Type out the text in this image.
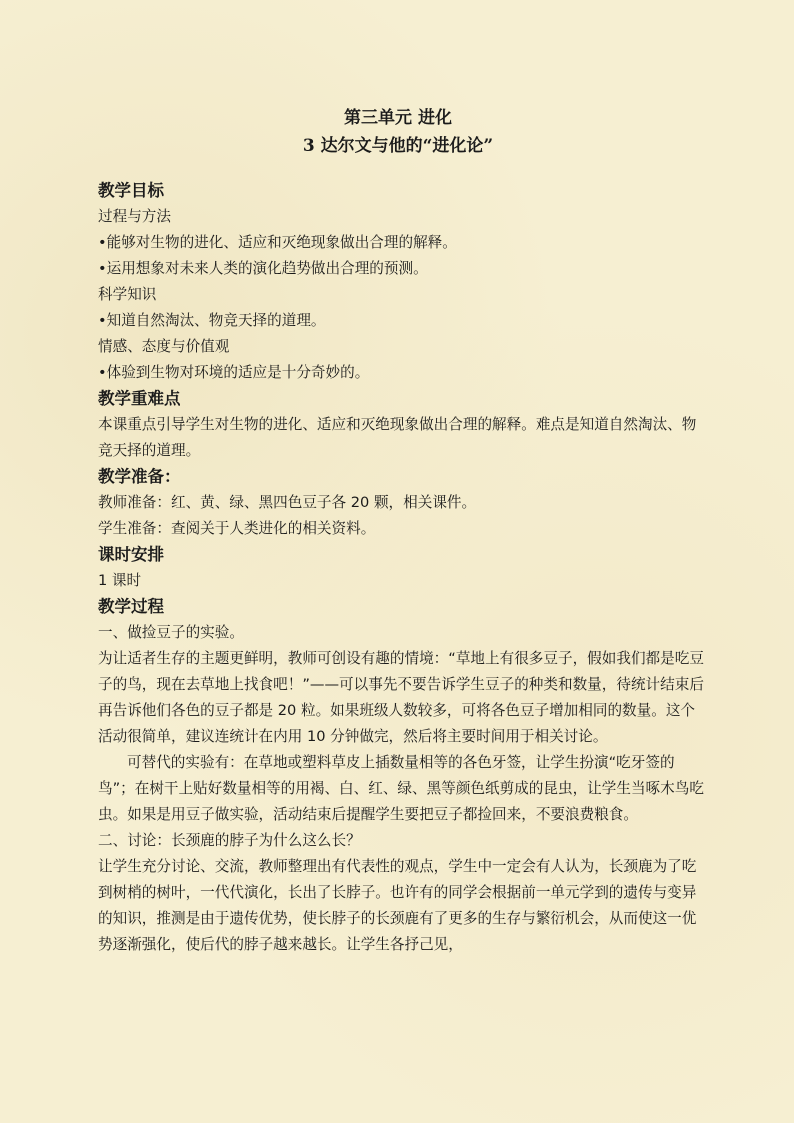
第三单元 进化
3 达尔文与他的“进化论”
教学目标
过程与方法
•能够对生物的进化、适应和灭绝现象做出合理的解释。
•运用想象对未来人类的演化趋势做出合理的预测。
科学知识
•知道自然淘汰、物竞天择的道理。
情感、态度与价值观
•体验到生物对环境的适应是十分奇妙的。
教学重难点
本课重点引导学生对生物的进化、适应和灭绝现象做出合理的解释。难点是知道自然淘汰、物竞天择的道理。
教学准备：
教师准备：红、黄、绿、黑四色豆子各 20 颗，相关课件。
学生准备：查阅关于人类进化的相关资料。
课时安排
1 课时
教学过程
一、做捡豆子的实验。
为让适者生存的主题更鲜明，教师可创设有趣的情境：“草地上有很多豆子，假如我们都是吃豆子的鸟，现在去草地上找食吧！”——可以事先不要告诉学生豆子的种类和数量，待统计结束后再告诉他们各色的豆子都是 20 粒。如果班级人数较多，可将各色豆子增加相同的数量。这个活动很简单，建议连统计在内用 10 分钟做完，然后将主要时间用于相关讨论。
可替代的实验有：在草地或塑料草皮上插数量相等的各色牙签，让学生扮演“吃牙签的鸟”；在树干上贴好数量相等的用褐、白、红、绿、黑等颜色纸剪成的昆虫，让学生当啄木鸟吃虫。如果是用豆子做实验，活动结束后提醒学生要把豆子都捡回来，不要浪费粮食。
二、讨论：长颈鹿的脖子为什么这么长？
让学生充分讨论、交流，教师整理出有代表性的观点，学生中一定会有人认为，长颈鹿为了吃到树梢的树叶，一代代演化，长出了长脖子。也许有的同学会根据前一单元学到的遗传与变异的知识，推测是由于遗传优势，使长脖子的长颈鹿有了更多的生存与繁衍机会，从而使这一优势逐渐强化，使后代的脖子越来越长。让学生各抒己见，
